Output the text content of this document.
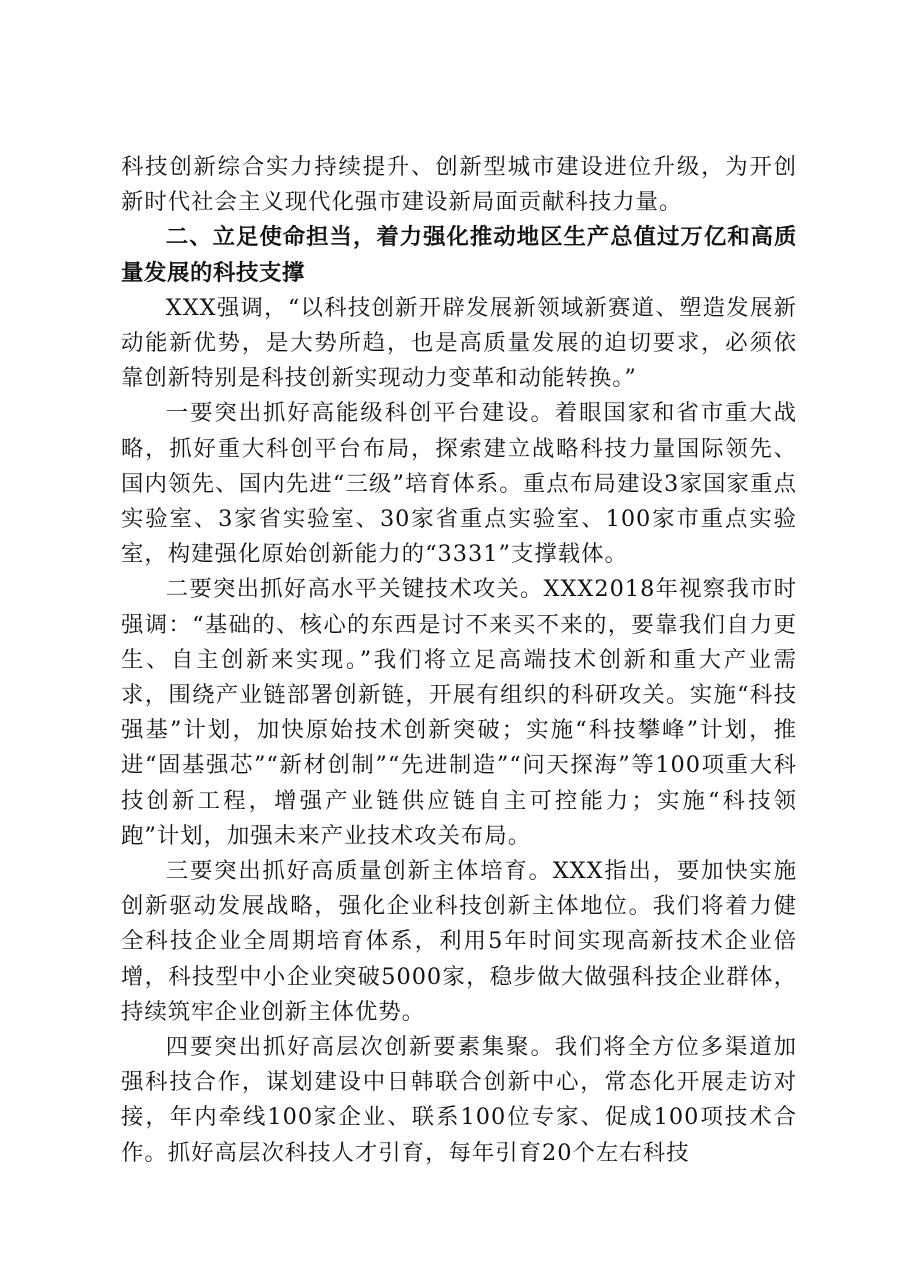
科技创新综合实力持续提升、创新型城市建设进位升级，为开创新时代社会主义现代化强市建设新局面贡献科技力量。

二、立足使命担当，着力强化推动地区生产总值过万亿和高质量发展的科技支撑

XXX强调，“以科技创新开辟发展新领域新赛道、塑造发展新动能新优势，是大势所趋，也是高质量发展的迫切要求，必须依靠创新特别是科技创新实现动力变革和动能转换。”

一要突出抓好高能级科创平台建设。着眼国家和省市重大战略，抓好重大科创平台布局，探索建立战略科技力量国际领先、国内领先、国内先进“三级”培育体系。重点布局建设3家国家重点实验室、3家省实验室、30家省重点实验室、100家市重点实验室，构建强化原始创新能力的“3331”支撑载体。

二要突出抓好高水平关键技术攻关。XXX2018年视察我市时强调：“基础的、核心的东西是讨不来买不来的，要靠我们自力更生、自主创新来实现。”我们将立足高端技术创新和重大产业需求，围绕产业链部署创新链，开展有组织的科研攻关。实施“科技强基”计划，加快原始技术创新突破；实施“科技攀峰”计划，推进“固基强芯”“新材创制”“先进制造”“问天探海”等100项重大科技创新工程，增强产业链供应链自主可控能力；实施“科技领跑”计划，加强未来产业技术攻关布局。

三要突出抓好高质量创新主体培育。XXX指出，要加快实施创新驱动发展战略，强化企业科技创新主体地位。我们将着力健全科技企业全周期培育体系，利用5年时间实现高新技术企业倍增，科技型中小企业突破5000家，稳步做大做强科技企业群体，持续筑牢企业创新主体优势。

四要突出抓好高层次创新要素集聚。我们将全方位多渠道加强科技合作，谋划建设中日韩联合创新中心，常态化开展走访对接，年内牵线100家企业、联系100位专家、促成100项技术合作。抓好高层次科技人才引育，每年引育20个左右科技
